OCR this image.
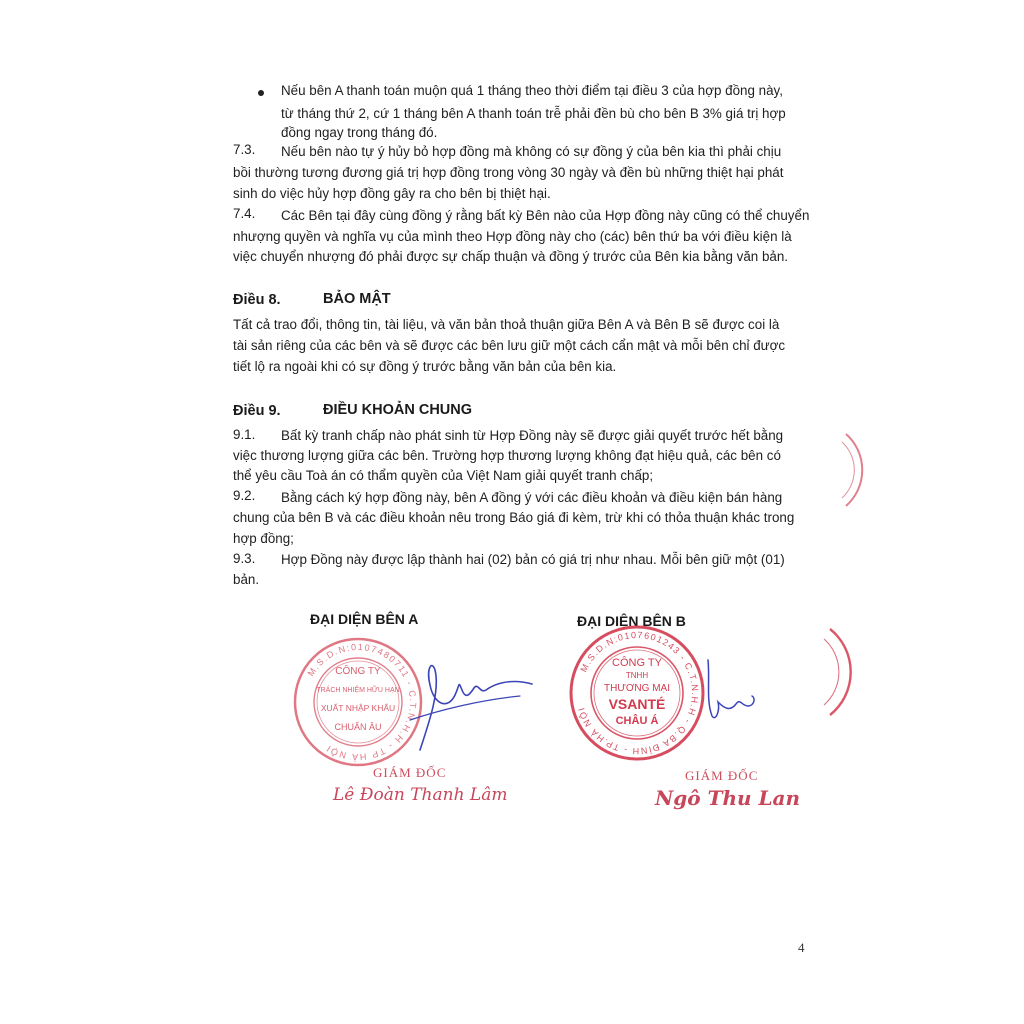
Nếu bên A thanh toán muộn quá 1 tháng theo thời điểm tại điều 3 của hợp đồng này,
từ tháng thứ 2, cứ 1 tháng bên A thanh toán trễ phải đền bù cho bên B 3% giá trị hợp
đồng ngay trong tháng đó.
7.3. Nếu bên nào tự ý hủy bỏ hợp đồng mà không có sự đồng ý của bên kia thì phải chịu
bồi thường tương đương giá trị hợp đồng trong vòng 30 ngày và đền bù những thiệt hại phát
sinh do việc hủy hợp đồng gây ra cho bên bị thiệt hại.
7.4. Các Bên tại đây cùng đồng ý rằng bất kỳ Bên nào của Hợp đồng này cũng có thể chuyển
nhượng quyền và nghĩa vụ của mình theo Hợp đồng này cho (các) bên thứ ba với điều kiện là
việc chuyển nhượng đó phải được sự chấp thuận và đồng ý trước của Bên kia bằng văn bản.
Điều 8.	BẢO MẬT
Tất cả trao đổi, thông tin, tài liệu, và văn bản thoả thuận giữa Bên A và Bên B sẽ được coi là
tài sản riêng của các bên và sẽ được các bên lưu giữ một cách cẩn mật và mỗi bên chỉ được
tiết lộ ra ngoài khi có sự đồng ý trước bằng văn bản của bên kia.
Điều 9.	ĐIỀU KHOẢN CHUNG
9.1. Bất kỳ tranh chấp nào phát sinh từ Hợp Đồng này sẽ được giải quyết trước hết bằng
việc thương lượng giữa các bên. Trường hợp thương lượng không đạt hiệu quả, các bên có
thể yêu cầu Toà án có thẩm quyền của Việt Nam giải quyết tranh chấp;
9.2. Bằng cách ký hợp đồng này, bên A đồng ý với các điều khoản và điều kiện bán hàng
chung của bên B và các điều khoản nêu trong Báo giá đi kèm, trừ khi có thỏa thuận khác trong
hợp đồng;
9.3. Hợp Đồng này được lập thành hai (02) bản có giá trị như nhau. Mỗi bên giữ một (01)
bản.
ĐẠI DIỆN BÊN A	ĐẠI DIỆN BÊN B
M.S.D.N:0107480711 - C.T.N.H.H - TP HÀ NỘI
CÔNG TY
TRÁCH NHIỆM HỮU HẠN
XUẤT NHẬP KHẨU
CHUẨN ÂU
GIÁM ĐỐC
Lê Đoàn Thanh Lâm
M.S.D.N:0107601243 - C.T.N.H.H - Q.BA ĐÌNH - TP.HÀ NỘI
CÔNG TY
TNHH
THƯƠNG MẠI
VSANTÉ
CHÂU Á
GIÁM ĐỐC
Ngô Thu Lan
4
